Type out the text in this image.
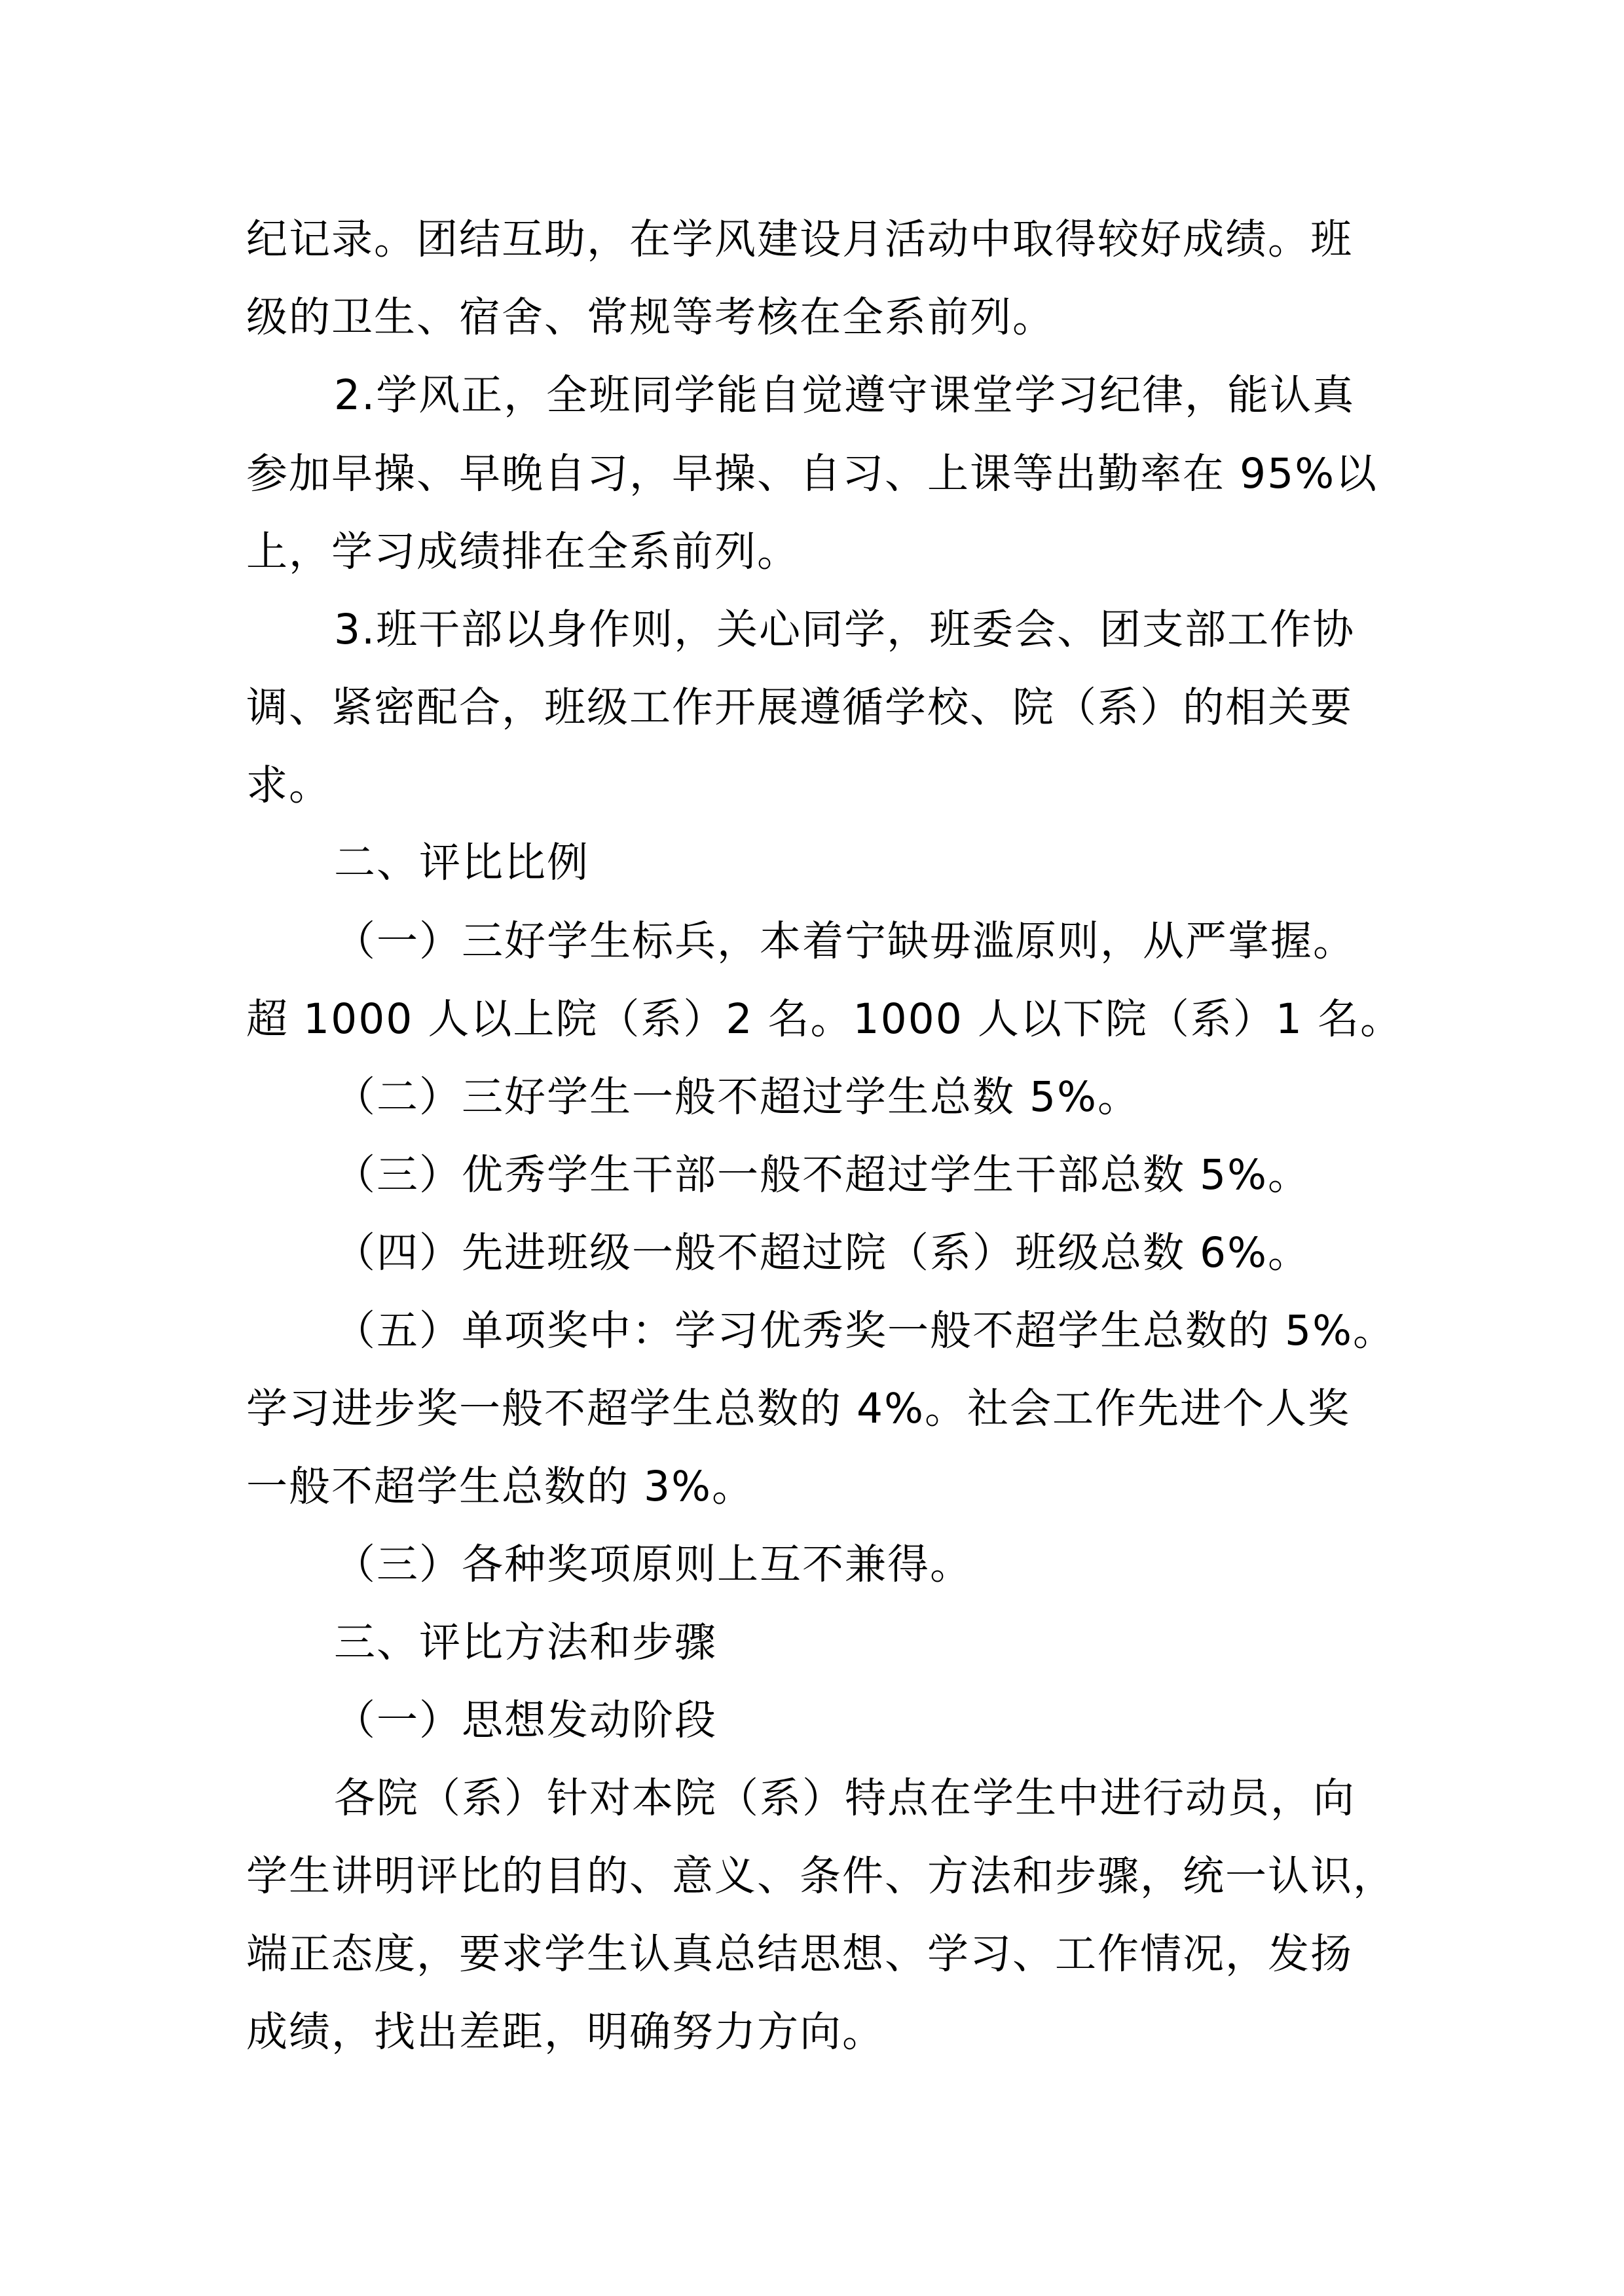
纪记录。团结互助，在学风建设月活动中取得较好成绩。班
级的卫生、宿舍、常规等考核在全系前列。
2.学风正，全班同学能自觉遵守课堂学习纪律，能认真
参加早操、早晚自习，早操、自习、上课等出勤率在 95%以
上，学习成绩排在全系前列。
3.班干部以身作则，关心同学，班委会、团支部工作协
调、紧密配合，班级工作开展遵循学校、院（系）的相关要
求。
二、评比比例
（一）三好学生标兵，本着宁缺毋滥原则，从严掌握。
超 1000 人以上院（系）2 名。1000 人以下院（系）1 名。
（二）三好学生一般不超过学生总数 5%。
（三）优秀学生干部一般不超过学生干部总数 5%。
（四）先进班级一般不超过院（系）班级总数 6%。
（五）单项奖中：学习优秀奖一般不超学生总数的 5%。
学习进步奖一般不超学生总数的 4%。社会工作先进个人奖
一般不超学生总数的 3%。
（三）各种奖项原则上互不兼得。
三、评比方法和步骤
（一）思想发动阶段
各院（系）针对本院（系）特点在学生中进行动员，向
学生讲明评比的目的、意义、条件、方法和步骤，统一认识，
端正态度，要求学生认真总结思想、学习、工作情况，发扬
成绩，找出差距，明确努力方向。
